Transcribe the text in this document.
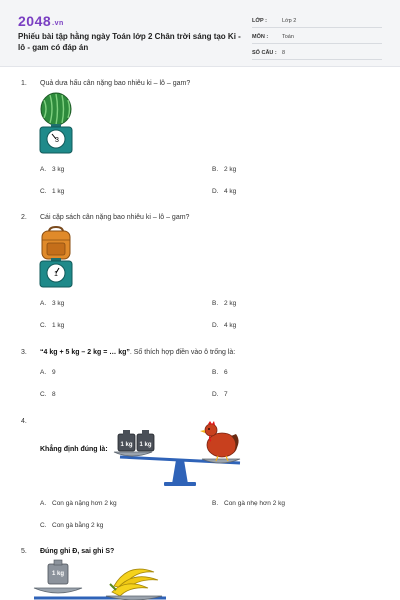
2048.vn
Phiếu bài tập hằng ngày Toán lớp 2 Chân trời sáng tạo Ki - lô - gam có đáp án
LỚP :	Lớp 2
MÔN :	Toán
SỐ CÂU : 8
1. Quả dưa hấu cân nặng bao nhiêu ki – lô – gam?
3
A. 3 kg	B. 2 kg
C. 1 kg	D. 4 kg
2. Cái cặp sách cân nặng bao nhiêu ki – lô – gam?
1
A. 3 kg	B. 2 kg
C. 1 kg	D. 4 kg
3. “4 kg + 5 kg – 2 kg = … kg”. Số thích hợp điền vào ô trống là:
A. 9	B. 6
C. 8	D. 7
4.
Khẳng định đúng là:
1 kg 1 kg
A. Con gà nặng hơn 2 kg	B. Con gà nhẹ hơn 2 kg
C. Con gà bằng 2 kg
5. Đúng ghi Đ, sai ghi S?
1 kg
